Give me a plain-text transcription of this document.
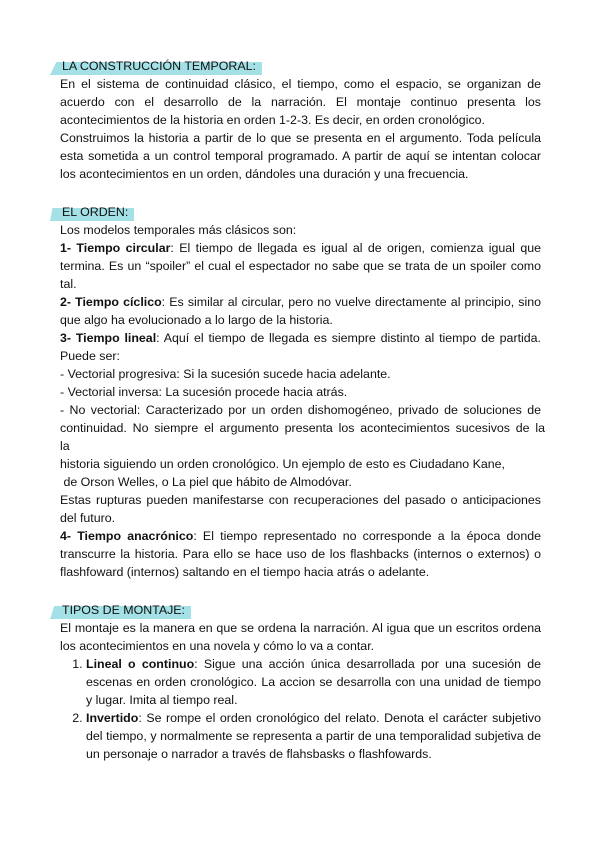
LA CONSTRUCCIÓN TEMPORAL:

En el sistema de continuidad clásico, el tiempo, como el espacio, se organizan de acuerdo con el desarrollo de la narración. El montaje continuo presenta los acontecimientos de la historia en orden 1-2-3. Es decir, en orden cronológico.

Construimos la historia a partir de lo que se presenta en el argumento. Toda película esta sometida a un control temporal programado. A partir de aquí se intentan colocar los acontecimientos en un orden, dándoles una duración y una frecuencia.

EL ORDEN:

Los modelos temporales más clásicos son:

1- Tiempo circular: El tiempo de llegada es igual al de origen, comienza igual que termina. Es un “spoiler” el cual el espectador no sabe que se trata de un spoiler como tal.

2- Tiempo cíclico: Es similar al circular, pero no vuelve directamente al principio, sino que algo ha evolucionado a lo largo de la historia.

3- Tiempo lineal: Aquí el tiempo de llegada es siempre distinto al tiempo de partida. Puede ser:

- Vectorial progresiva: Si la sucesión sucede hacia adelante.

- Vectorial inversa: La sucesión procede hacia atrás.

- No vectorial: Caracterizado por un orden dishomogéneo, privado de soluciones de

continuidad. No siempre el argumento presenta los acontecimientos sucesivos de la

la

historia siguiendo un orden cronológico. Un ejemplo de esto es Ciudadano Kane,

de Orson Welles, o La piel que hábito de Almodóvar.

Estas rupturas pueden manifestarse con recuperaciones del pasado o anticipaciones del futuro.

4- Tiempo anacrónico: El tiempo representado no corresponde a la época donde transcurre la historia. Para ello se hace uso de los flashbacks (internos o externos) o flashfoward (internos) saltando en el tiempo hacia atrás o adelante.

TIPOS DE MONTAJE:

El montaje es la manera en que se ordena la narración. Al igua que un escritos ordena los acontecimientos en una novela y cómo lo va a contar.

1. Lineal o continuo: Sigue una acción única desarrollada por una sucesión de escenas en orden cronológico. La accion se desarrolla con una unidad de tiempo y lugar. Imita al tiempo real.
2. Invertido: Se rompe el orden cronológico del relato. Denota el carácter subjetivo del tiempo, y normalmente se representa a partir de una temporalidad subjetiva de un personaje o narrador a través de flahsbasks o flashfowards.
